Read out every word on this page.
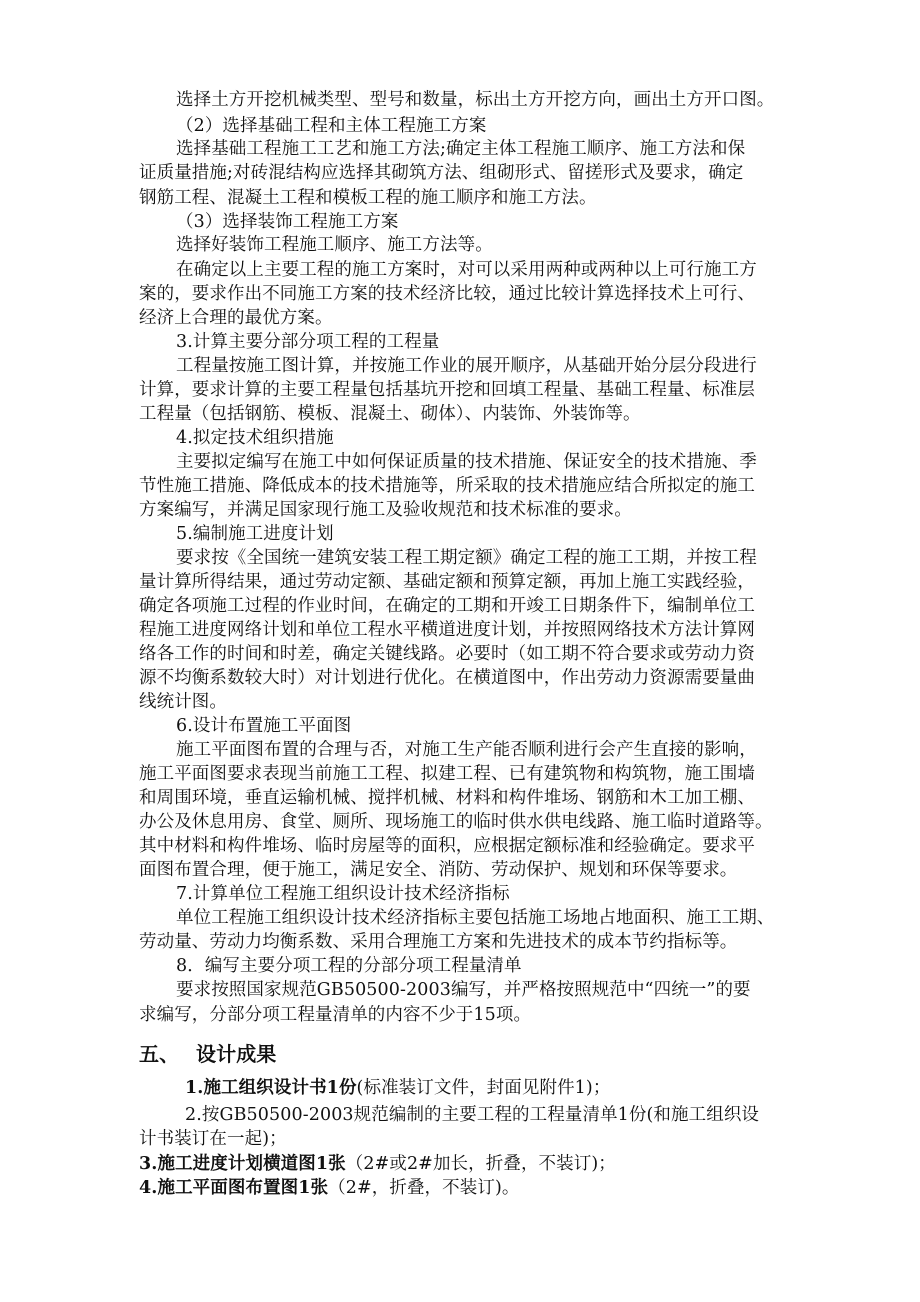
选择土方开挖机械类型、型号和数量，标出土方开挖方向，画出土方开口图。
（2）选择基础工程和主体工程施工方案
选择基础工程施工工艺和施工方法;确定主体工程施工顺序、施工方法和保
证质量措施;对砖混结构应选择其砌筑方法、组砌形式、留搓形式及要求，确定
钢筋工程、混凝土工程和模板工程的施工顺序和施工方法。
（3）选择装饰工程施工方案
选择好装饰工程施工顺序、施工方法等。
在确定以上主要工程的施工方案时，对可以采用两种或两种以上可行施工方
案的，要求作出不同施工方案的技术经济比较，通过比较计算选择技术上可行、
经济上合理的最优方案。
3.计算主要分部分项工程的工程量
工程量按施工图计算，并按施工作业的展开顺序，从基础开始分层分段进行
计算，要求计算的主要工程量包括基坑开挖和回填工程量、基础工程量、标准层
工程量（包括钢筋、模板、混凝土、砌体）、内装饰、外装饰等。
4.拟定技术组织措施
主要拟定编写在施工中如何保证质量的技术措施、保证安全的技术措施、季
节性施工措施、降低成本的技术措施等，所采取的技术措施应结合所拟定的施工
方案编写，并满足国家现行施工及验收规范和技术标准的要求。
5.编制施工进度计划
要求按《全国统一建筑安装工程工期定额》确定工程的施工工期，并按工程
量计算所得结果，通过劳动定额、基础定额和预算定额，再加上施工实践经验，
确定各项施工过程的作业时间，在确定的工期和开竣工日期条件下，编制单位工
程施工进度网络计划和单位工程水平横道进度计划，并按照网络技术方法计算网
络各工作的时间和时差，确定关键线路。必要时（如工期不符合要求或劳动力资
源不均衡系数较大时）对计划进行优化。在横道图中，作出劳动力资源需要量曲
线统计图。
6.设计布置施工平面图
施工平面图布置的合理与否，对施工生产能否顺利进行会产生直接的影响，
施工平面图要求表现当前施工工程、拟建工程、已有建筑物和构筑物，施工围墙
和周围环境，垂直运输机械、搅拌机械、材料和构件堆场、钢筋和木工加工棚、
办公及休息用房、食堂、厕所、现场施工的临时供水供电线路、施工临时道路等。
其中材料和构件堆场、临时房屋等的面积，应根据定额标准和经验确定。要求平
面图布置合理，便于施工，满足安全、消防、劳动保护、规划和环保等要求。
7.计算单位工程施工组织设计技术经济指标
单位工程施工组织设计技术经济指标主要包括施工场地占地面积、施工工期、
劳动量、劳动力均衡系数、采用合理施工方案和先进技术的成本节约指标等。
8．编写主要分项工程的分部分项工程量清单
要求按照国家规范GB50500-2003编写，并严格按照规范中“四统一”的要
求编写，分部分项工程量清单的内容不少于15项。
五、 设计成果
1.施工组织设计书1份(标准装订文件，封面见附件1)；
2.按GB50500-2003规范编制的主要工程的工程量清单1份(和施工组织设
计书装订在一起)；
3.施工进度计划横道图1张（2#或2#加长，折叠，不装订)；
4.施工平面图布置图1张（2#，折叠，不装订)。
